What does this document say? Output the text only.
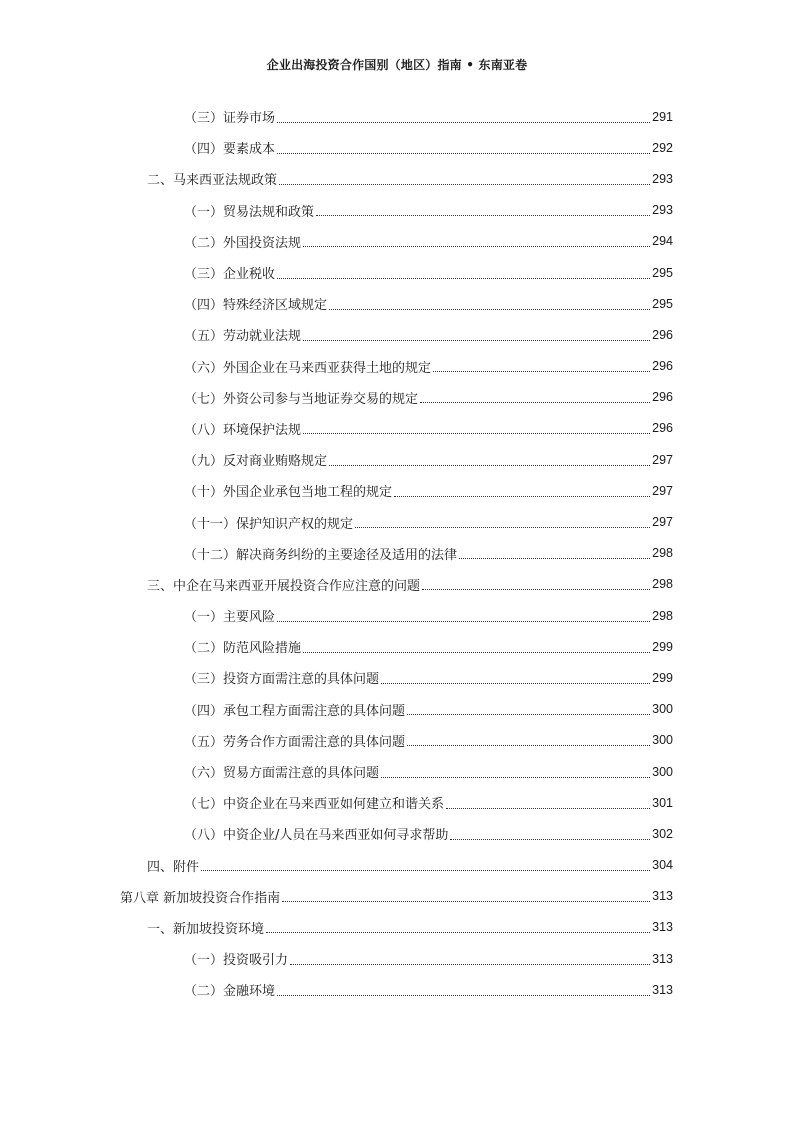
企业出海投资合作国别（地区）指南 • 东南亚卷
（三）证券市场	291
（四）要素成本	292
二、马来西亚法规政策	293
（一）贸易法规和政策	293
（二）外国投资法规	294
（三）企业税收	295
（四）特殊经济区域规定	295
（五）劳动就业法规	296
（六）外国企业在马来西亚获得土地的规定	296
（七）外资公司参与当地证券交易的规定	296
（八）环境保护法规	296
（九）反对商业贿赂规定	297
（十）外国企业承包当地工程的规定	297
（十一）保护知识产权的规定	297
（十二）解决商务纠纷的主要途径及适用的法律	298
三、中企在马来西亚开展投资合作应注意的问题	298
（一）主要风险	298
（二）防范风险措施	299
（三）投资方面需注意的具体问题	299
（四）承包工程方面需注意的具体问题	300
（五）劳务合作方面需注意的具体问题	300
（六）贸易方面需注意的具体问题	300
（七）中资企业在马来西亚如何建立和谐关系	301
（八）中资企业/人员在马来西亚如何寻求帮助	302
四、附件	304
第八章 新加坡投资合作指南	313
一、新加坡投资环境	313
（一）投资吸引力	313
（二）金融环境	313
